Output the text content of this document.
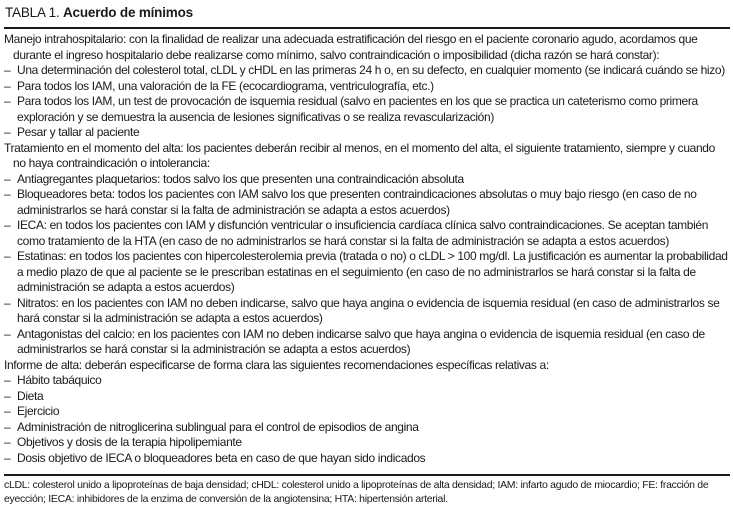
TABLA 1. Acuerdo de mínimos
Manejo intrahospitalario: con la finalidad de realizar una adecuada estratificación del riesgo en el paciente coronario agudo, acordamos que durante el ingreso hospitalario debe realizarse como mínimo, salvo contraindicación o imposibilidad (dicha razón se hará constar):
– Una determinación del colesterol total, cLDL y cHDL en las primeras 24 h o, en su defecto, en cualquier momento (se indicará cuándo se hizo)
– Para todos los IAM, una valoración de la FE (ecocardiograma, ventriculografía, etc.)
– Para todos los IAM, un test de provocación de isquemia residual (salvo en pacientes en los que se practica un cateterismo como primera exploración y se demuestra la ausencia de lesiones significativas o se realiza revascularización)
– Pesar y tallar al paciente
Tratamiento en el momento del alta: los pacientes deberán recibir al menos, en el momento del alta, el siguiente tratamiento, siempre y cuando no haya contraindicación o intolerancia:
– Antiagregantes plaquetarios: todos salvo los que presenten una contraindicación absoluta
– Bloqueadores beta: todos los pacientes con IAM salvo los que presenten contraindicaciones absolutas o muy bajo riesgo (en caso de no administrarlos se hará constar si la falta de administración se adapta a estos acuerdos)
– IECA: en todos los pacientes con IAM y disfunción ventricular o insuficiencia cardíaca clínica salvo contraindicaciones. Se aceptan también como tratamiento de la HTA (en caso de no administrarlos se hará constar si la falta de administración se adapta a estos acuerdos)
– Estatinas: en todos los pacientes con hipercolesterolemia previa (tratada o no) o cLDL > 100 mg/dl. La justificación es aumentar la probabilidad a medio plazo de que al paciente se le prescriban estatinas en el seguimiento (en caso de no administrarlos se hará constar si la falta de administración se adapta a estos acuerdos)
– Nitratos: en los pacientes con IAM no deben indicarse, salvo que haya angina o evidencia de isquemia residual (en caso de administrarlos se hará constar si la administración se adapta a estos acuerdos)
– Antagonistas del calcio: en los pacientes con IAM no deben indicarse salvo que haya angina o evidencia de isquemia residual (en caso de administrarlos se hará constar si la administración se adapta a estos acuerdos)
Informe de alta: deberán especificarse de forma clara las siguientes recomendaciones específicas relativas a:
– Hábito tabáquico
– Dieta
– Ejercicio
– Administración de nitroglicerina sublingual para el control de episodios de angina
– Objetivos y dosis de la terapia hipolipemiante
– Dosis objetivo de IECA o bloqueadores beta en caso de que hayan sido indicados
cLDL: colesterol unido a lipoproteínas de baja densidad; cHDL: colesterol unido a lipoproteínas de alta densidad; IAM: infarto agudo de miocardio; FE: fracción de eyección; IECA: inhibidores de la enzima de conversión de la angiotensina; HTA: hipertensión arterial.
